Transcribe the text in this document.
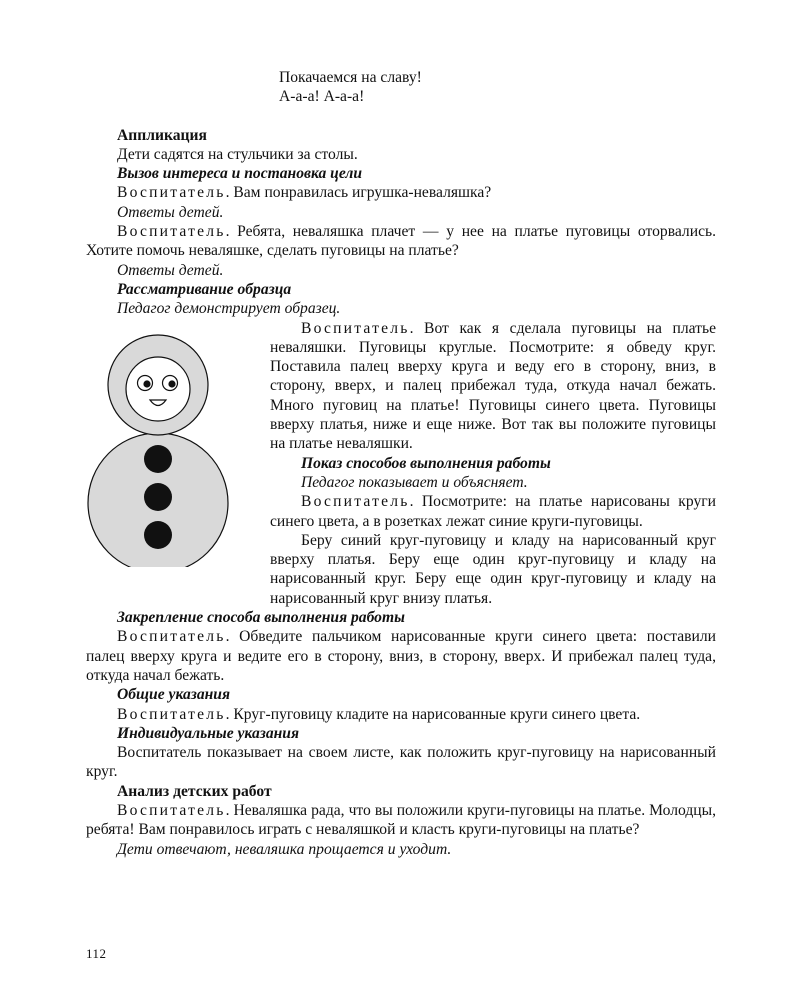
Покачаемся на славу!
А-а-а! А-а-а!

Аппликация

Дети садятся на стульчики за столы.

Вызов интереса и постановка цели

Воспитатель. Вам понравилась игрушка-неваляшка?

Ответы детей.

Воспитатель. Ребята, неваляшка плачет — у нее на платье пуговицы оторвались. Хотите помочь неваляшке, сделать пуговицы на платье?

Ответы детей.

Рассматривание образца

Педагог демонстрирует образец.

Воспитатель. Вот как я сделала пуговицы на платье неваляшки. Пуговицы круглые. Посмотрите: я обведу круг. Поставила палец вверху круга и веду его в сторону, вниз, в сторону, вверх, и палец прибежал туда, откуда начал бежать. Много пуговиц на платье! Пуговицы синего цвета. Пуговицы вверху платья, ниже и еще ниже. Вот так вы положите пуговицы на платье неваляшки.

Показ способов выполнения работы

Педагог показывает и объясняет.

Воспитатель. Посмотрите: на платье нарисованы круги синего цвета, а в розетках лежат синие круги-пуговицы.

Беру синий круг-пуговицу и кладу на нарисованный круг вверху платья. Беру еще один круг-пуговицу и кладу на нарисованный круг. Беру еще один круг-пуговицу и кладу на нарисованный круг внизу платья.

Закрепление способа выполнения работы

Воспитатель. Обведите пальчиком нарисованные круги синего цвета: поставили палец вверху круга и ведите его в сторону, вниз, в сторону, вверх. И прибежал палец туда, откуда начал бежать.

Общие указания

Воспитатель. Круг-пуговицу кладите на нарисованные круги синего цвета.

Индивидуальные указания

Воспитатель показывает на своем листе, как положить круг-пуговицу на нарисованный круг.

Анализ детских работ

Воспитатель. Неваляшка рада, что вы положили круги-пуговицы на платье. Молодцы, ребята! Вам понравилось играть с неваляшкой и класть круги-пуговицы на платье?

Дети отвечают, неваляшка прощается и уходит.

112
